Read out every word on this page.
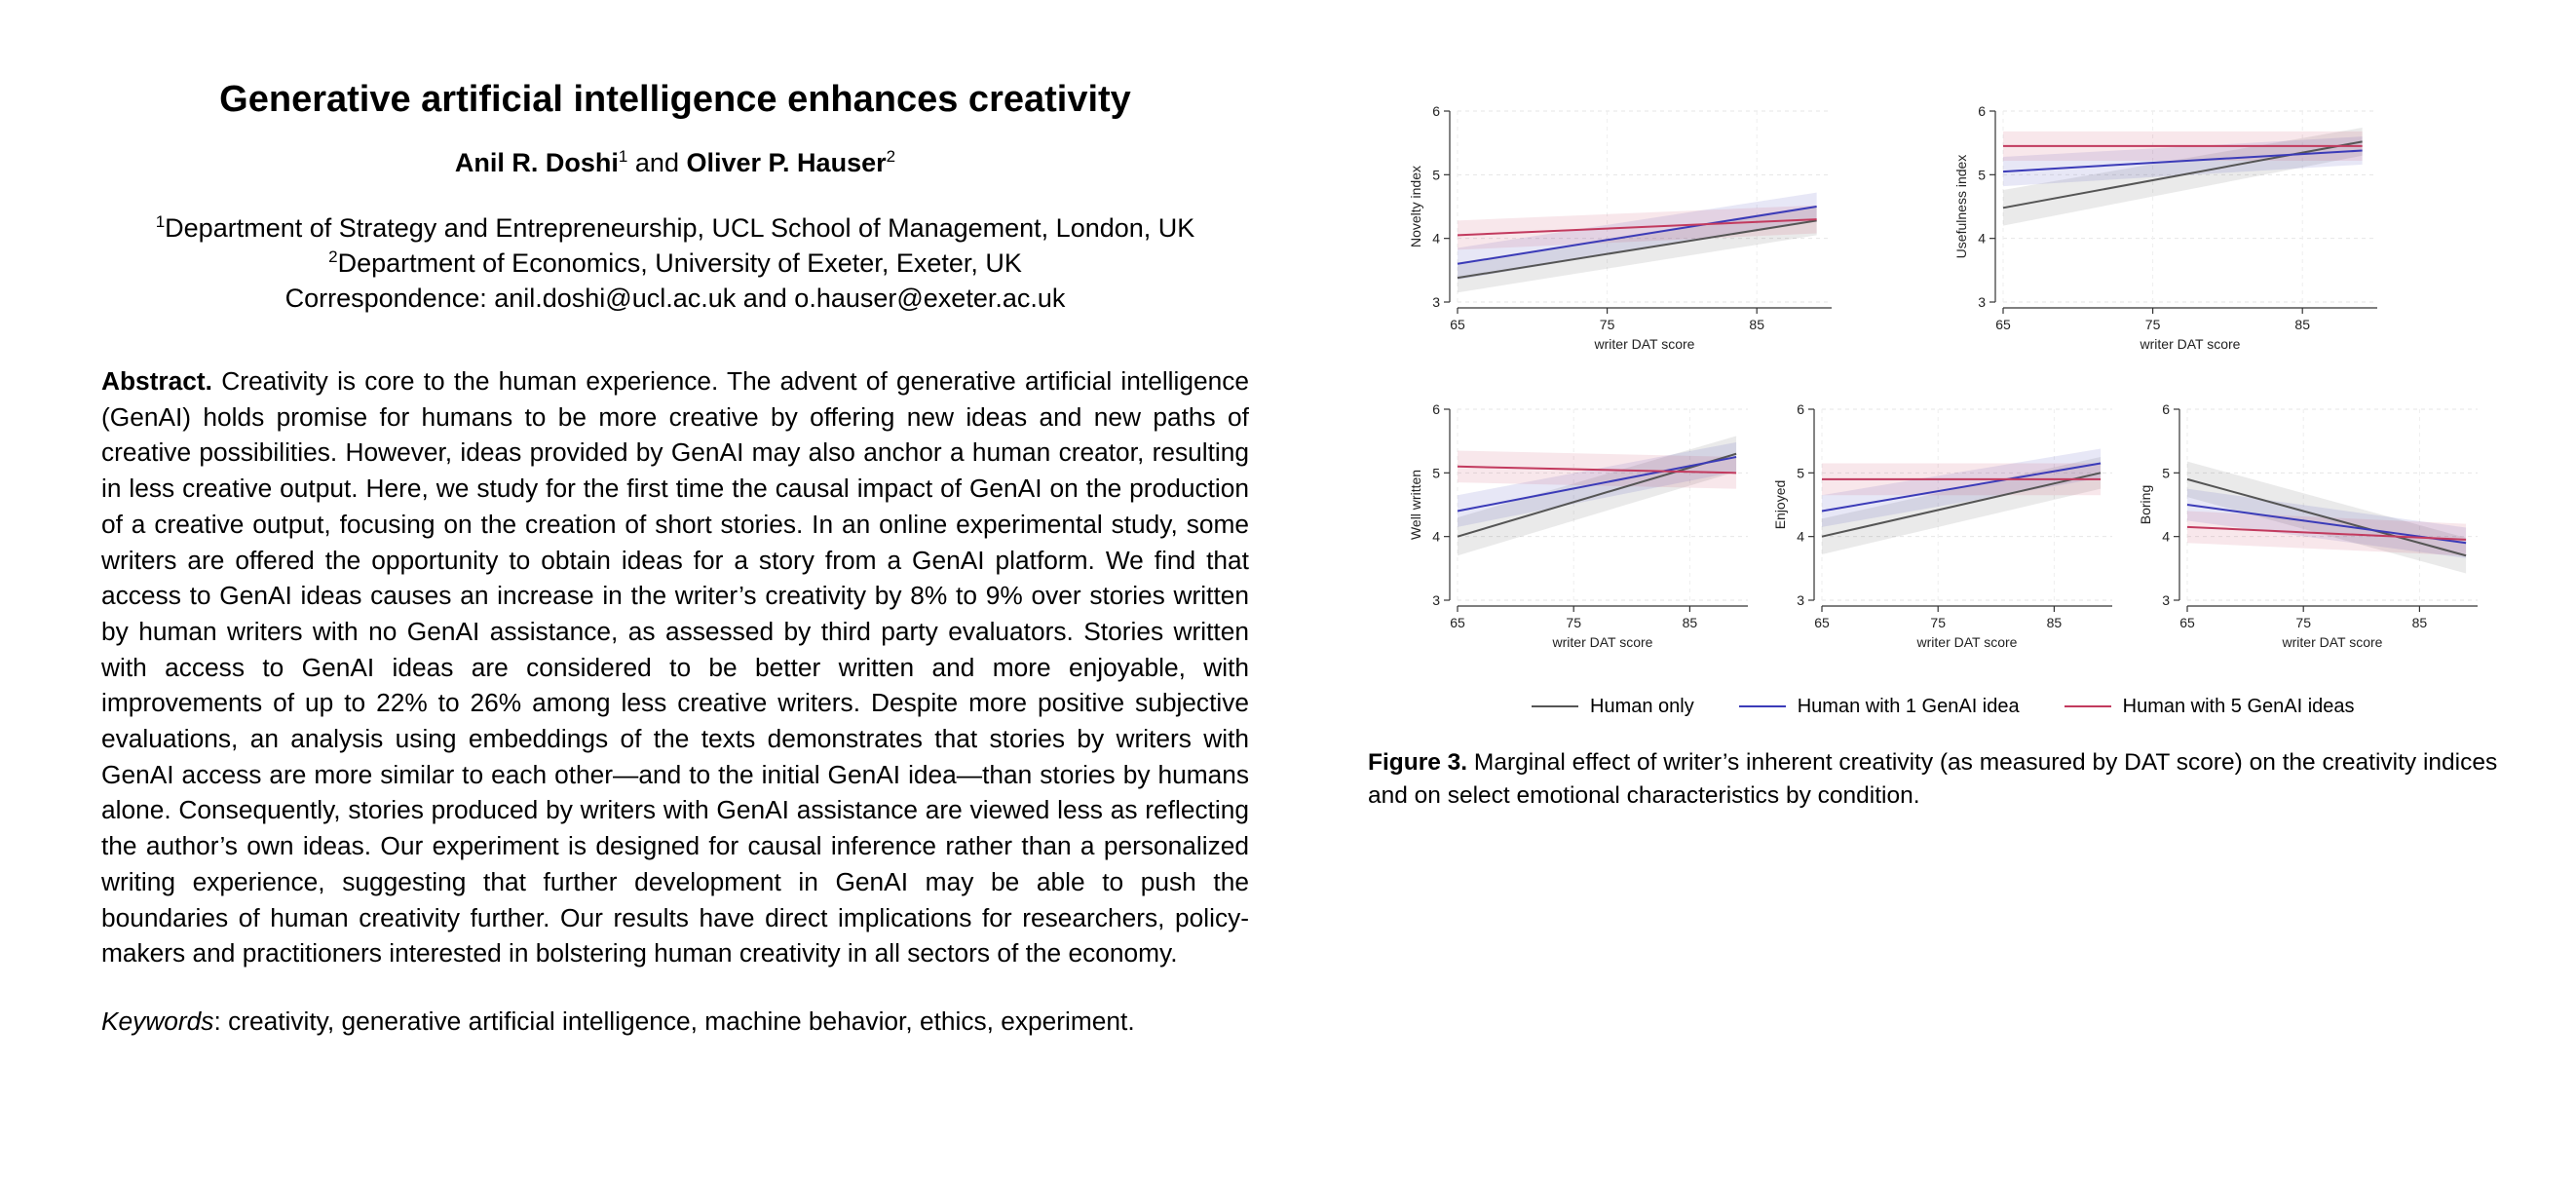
Generative artificial intelligence enhances creativity
Anil R. Doshi$^1$ and Oliver P. Hauser$^2$
$^1$Department of Strategy and Entrepreneurship, UCL School of Management, London, UK
$^2$Department of Economics, University of Exeter, Exeter, UK
Correspondence: anil.doshi@ucl.ac.uk and o.hauser@exeter.ac.uk
Abstract. Creativity is core to the human experience. The advent of generative artificial intelligence (GenAI) holds promise for humans to be more creative by offering new ideas and new paths of creative possibilities. However, ideas provided by GenAI may also anchor a human creator, resulting in less creative output. Here, we study for the first time the causal impact of GenAI on the production of a creative output, focusing on the creation of short stories. In an online experimental study, some writers are offered the opportunity to obtain ideas for a story from a GenAI platform. We find that access to GenAI ideas causes an increase in the writer’s creativity by 8% to 9% over stories written by human writers with no GenAI assistance, as assessed by third party evaluators. Stories written with access to GenAI ideas are considered to be better written and more enjoyable, with improvements of up to 22% to 26% among less creative writers. Despite more positive subjective evaluations, an analysis using embeddings of the texts demonstrates that stories by writers with GenAI access are more similar to each other—and to the initial GenAI idea—than stories by humans alone. Consequently, stories produced by writers with GenAI assistance are viewed less as reflecting the author’s own ideas. Our experiment is designed for causal inference rather than a personalized writing experience, suggesting that further development in GenAI may be able to push the boundaries of human creativity further. Our results have direct implications for researchers, policy-makers and practitioners interested in bolstering human creativity in all sectors of the economy.
Keywords: creativity, generative artificial intelligence, machine behavior, ethics, experiment.
3
4
5
6
65	75	85
writer DAT score
Novelty index
3
4
5
6
65	75	85
writer DAT score
Usefulness index
3
4
5
6
65	75	85
writer DAT score
Well written
3
4
5
6
65	75	85
writer DAT score
Enjoyed
3
4
5
6
65	75	85
writer DAT score
Boring
Human only	Human with 1 GenAI idea	Human with 5 GenAI ideas
Figure 3. Marginal effect of writer’s inherent creativity (as measured by DAT score) on the creativity indices and on select emotional characteristics by condition.
